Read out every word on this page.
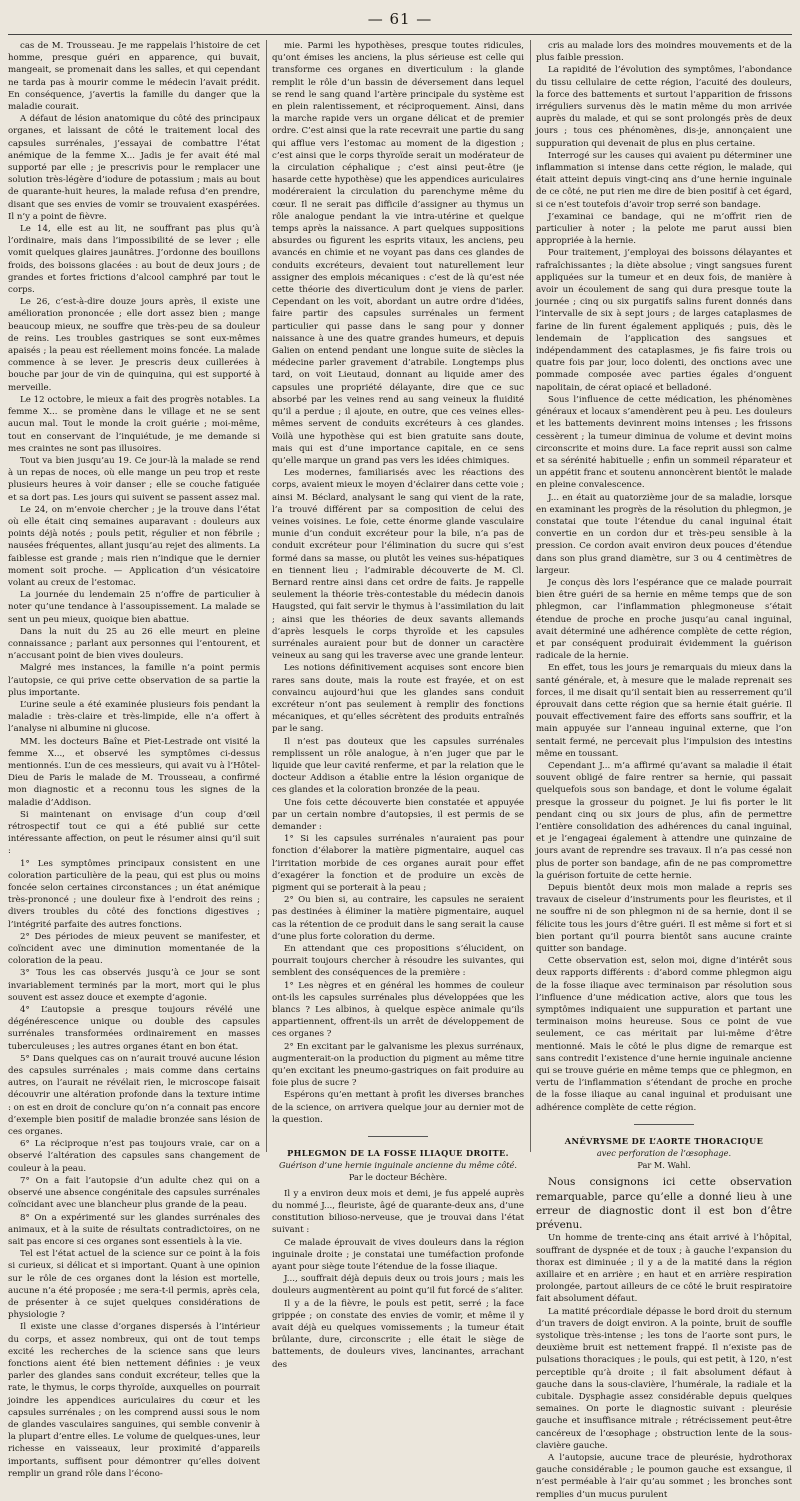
— 61 —

cas de M. Trousseau. Je me rappelais l’histoire de cet homme, presque guéri en apparence, qui buvait, mangeait, se promenait dans les salles, et qui cependant ne tarda pas à mourir comme le médecin l’avait prédit. En conséquence, j’avertis la famille du danger que la maladie courait.

A défaut de lésion anatomique du côté des principaux organes, et laissant de côté le traitement local des capsules surrénales, j’essayai de combattre l’état anémique de la femme X... Jadis je fer avait été mal supporté par elle ; je prescrivis pour le remplacer une solution très-légère d’iodure de potassium ; mais au bout de quarante-huit heures, la malade refusa d’en prendre, disant que ses envies de vomir se trouvaient exaspérées. Il n’y a point de fièvre.

Le 14, elle est au lit, ne souffrant pas plus qu’à l’ordinaire, mais dans l’impossibilité de se lever ; elle vomit quelques glaires jaunâtres. J’ordonne des bouillons froids, des boissons glacées : au bout de deux jours ; de grandes et fortes frictions d’alcool camphré par tout le corps.

Le 26, c’est-à-dire douze jours après, il existe une amélioration prononcée ; elle dort assez bien ; mange beaucoup mieux, ne souffre que très-peu de sa douleur de reins. Les troubles gastriques se sont eux-mêmes apaisés ; la peau est réellement moins foncée. La malade commence à se lever. Je prescris deux cuillerées à bouche par jour de vin de quinquina, qui est supporté à merveille.

Le 12 octobre, le mieux a fait des progrès notables. La femme X... se promène dans le village et ne se sent aucun mal. Tout le monde la croit guérie ; moi-même, tout en conservant de l’inquiétude, je me demande si mes craintes ne sont pas illusoires.

Tout va bien jusqu’au 19. Ce jour-là la malade se rend à un repas de noces, où elle mange un peu trop et reste plusieurs heures à voir danser ; elle se couche fatiguée et sa dort pas. Les jours qui suivent se passent assez mal.

Le 24, on m’envoie chercher ; je la trouve dans l’état où elle était cinq semaines auparavant : douleurs aux points déjà notés ; pouls petit, régulier et non fébrile ; nausées fréquentes, allant jusqu’au rejet des aliments. La faiblesse est grande ; mais rien n’indique que le dernier moment soit proche. — Application d’un vésicatoire volant au creux de l’estomac.

La journée du lendemain 25 n’offre de particulier à noter qu’une tendance à l’assoupissement. La malade se sent un peu mieux, quoique bien abattue.

Dans la nuit du 25 au 26 elle meurt en pleine connaissance ; parlant aux personnes qui l’entourent, et n’accusant point de bien vives douleurs.

Malgré mes instances, la famille n’a point permis l’autopsie, ce qui prive cette observation de sa partie la plus importante.

L’urine seule a été examinée plusieurs fois pendant la maladie : très-claire et très-limpide, elle n’a offert à l’analyse ni albumine ni glucose.

MM. les docteurs Baîne et Piet-Lestrade ont visité la femme X..., et observé les symptômes ci-dessus mentionnés. L’un de ces messieurs, qui avait vu à l’Hôtel-Dieu de Paris le malade de M. Trousseau, a confirmé mon diagnostic et a reconnu tous les signes de la maladie d’Addison.

Si maintenant on envisage d’un coup d’œil rétrospectif tout ce qui a été publié sur cette intéressante affection, on peut le résumer ainsi qu’il suit :

1° Les symptômes principaux consistent en une coloration particulière de la peau, qui est plus ou moins foncée selon certaines circonstances ; un état anémique très-prononcé ; une douleur fixe à l’endroit des reins ; divers troubles du côté des fonctions digestives ; l’intégrité parfaite des autres fonctions.

2° Des périodes de mieux peuvent se manifester, et coïncident avec une diminution momentanée de la coloration de la peau.

3° Tous les cas observés jusqu’à ce jour se sont invariablement terminés par la mort, mort qui le plus souvent est assez douce et exempte d’agonie.

4° L’autopsie a presque toujours révélé une dégénérescence unique ou double des capsules surrénales transformées ordinairement en masses tuberculeuses ; les autres organes étant en bon état.

5° Dans quelques cas on n’aurait trouvé aucune lésion des capsules surrénales ; mais comme dans certains autres, on l’aurait ne révélait rien, le microscope faisait découvrir une altération profonde dans la texture intime : on est en droit de conclure qu’on n’a connait pas encore d’exemple bien positif de maladie bronzée sans lésion de ces organes.

6° La réciproque n’est pas toujours vraie, car on a observé l’altération des capsules sans changement de couleur à la peau.

7° On a fait l’autopsie d’un adulte chez qui on a observé une absence congénitale des capsules surrénales coïncidant avec une blancheur plus grande de la peau.

8° On a expérimenté sur les glandes surrénales des animaux, et à la suite de résultats contradictoires, on ne sait pas encore si ces organes sont essentiels à la vie.

Tel est l’état actuel de la science sur ce point à la fois si curieux, si délicat et si important. Quant à une opinion sur le rôle de ces organes dont la lésion est mortelle, aucune n’a été proposée ; me sera-t-il permis, après cela, de présenter à ce sujet quelques considérations de physiologie ?

Il existe une classe d’organes dispersés à l’intérieur du corps, et assez nombreux, qui ont de tout temps excité les recherches de la science sans que leurs fonctions aient été bien nettement définies : je veux parler des glandes sans conduit excréteur, telles que la rate, le thymus, le corps thyroïde, auxquelles on pourrait joindre les appendices auriculaires du cœur et les capsules surrénales ; on les comprend aussi sous le nom de glandes vasculaires sanguines, qui semble convenir à la plupart d’entre elles. Le volume de quelques-unes, leur richesse en vaisseaux, leur proximité d’appareils importants, suffisent pour démontrer qu’elles doivent remplir un grand rôle dans l’écono-

mie. Parmi les hypothèses, presque toutes ridicules, qu’ont émises les anciens, la plus sérieuse est celle qui transforme ces organes en diverticulum : la glande remplit le rôle d’un bassin de déversement dans lequel se rend le sang quand l’artère principale du système est en plein ralentissement, et réciproquement. Ainsi, dans la marche rapide vers un organe délicat et de premier ordre. C’est ainsi que la rate recevrait une partie du sang qui afflue vers l’estomac au moment de la digestion ; c’est ainsi que le corps thyroïde serait un modérateur de la circulation céphalique ; c’est ainsi peut-être (je hasarde cette hypothèse) que les appendices auriculaires modéreraient la circulation du parenchyme même du cœur. Il ne serait pas difficile d’assigner au thymus un rôle analogue pendant la vie intra-utérine et quelque temps après la naissance. A part quelques suppositions absurdes ou figurent les esprits vitaux, les anciens, peu avancés en chimie et ne voyant pas dans ces glandes de conduits excréteurs, devaient tout naturellement leur assigner des emplois mécaniques : c’est de là qu’est née cette théorie des diverticulum dont je viens de parler. Cependant on les voit, abordant un autre ordre d’idées, faire partir des capsules surrénales un ferment particulier qui passe dans le sang pour y donner naissance à une des quatre grandes humeurs, et depuis Galien on entend pendant une longue suite de siècles la médecine parler gravement d’atrabile. Longtemps plus tard, on voit Lieutaud, donnant au liquide amer des capsules une propriété délayante, dire que ce suc absorbé par les veines rend au sang veineux la fluidité qu’il a perdue ; il ajoute, en outre, que ces veines elles-mêmes servent de conduits excréteurs à ces glandes. Voilà une hypothèse qui est bien gratuite sans doute, mais qui est d’une importance capitale, en ce sens qu’elle marque un grand pas vers les idées chimiques.

Les modernes, familiarisés avec les réactions des corps, avaient mieux le moyen d’éclairer dans cette voie ; ainsi M. Béclard, analysant le sang qui vient de la rate, l’a trouvé différent par sa composition de celui des veines voisines. Le foie, cette énorme glande vasculaire munie d’un conduit excréteur pour la bile, n’a pas de conduit excréteur pour l’élimination du sucre qui s’est formé dans sa masse, ou plutôt les veines sus-hépatiques en tiennent lieu ; l’admirable découverte de M. Cl. Bernard rentre ainsi dans cet ordre de faits. Je rappelle seulement la théorie très-contestable du médecin danois Haugsted, qui fait servir le thymus à l’assimilation du lait ; ainsi que les théories de deux savants allemands d’après lesquels le corps thyroïde et les capsules surrénales auraient pour but de donner un caractère veineux au sang qui les traverse avec une grande lenteur.

Les notions définitivement acquises sont encore bien rares sans doute, mais la route est frayée, et on est convaincu aujourd’hui que les glandes sans conduit excréteur n’ont pas seulement à remplir des fonctions mécaniques, et qu’elles sécrètent des produits entraînés par le sang.

Il n’est pas douteux que les capsules surrénales remplissent un rôle analogue, à n’en juger que par le liquide que leur cavité renferme, et par la relation que le docteur Addison a établie entre la lésion organique de ces glandes et la coloration bronzée de la peau.

Une fois cette découverte bien constatée et appuyée par un certain nombre d’autopsies, il est permis de se demander :

1° Si les capsules surrénales n’auraient pas pour fonction d’élaborer la matière pigmentaire, auquel cas l’irritation morbide de ces organes aurait pour effet d’exagérer la fonction et de produire un excès de pigment qui se porterait à la peau ;

2° Ou bien si, au contraire, les capsules ne seraient pas destinées à éliminer la matière pigmentaire, auquel cas la rétention de ce produit dans le sang serait la cause d’une plus forte coloration du derme.

En attendant que ces propositions s’élucident, on pourrait toujours chercher à résoudre les suivantes, qui semblent des conséquences de la première :

1° Les nègres et en général les hommes de couleur ont-ils les capsules surrénales plus développées que les blancs ? Les albinos, à quelque espèce animale qu’ils appartiennent, offrent-ils un arrêt de développement de ces organes ?

2° En excitant par le galvanisme les plexus surrénaux, augmenterait-on la production du pigment au même titre qu’en excitant les pneumo-gastriques on fait produire au foie plus de sucre ?

Espérons qu’en mettant à profit les diverses branches de la science, on arrivera quelque jour au dernier mot de la question.

PHLEGMON DE LA FOSSE ILIAQUE DROITE.

Guérison d’une hernie inguinale ancienne du même côté.

Par le docteur Béchère.

Il y a environ deux mois et demi, je fus appelé auprès du nommé J..., fleuriste, âgé de quarante-deux ans, d’une constitution bilioso-nerveuse, que je trouvai dans l’état suivant :

Ce malade éprouvait de vives douleurs dans la région inguinale droite ; je constatai une tuméfaction profonde ayant pour siège toute l’étendue de la fosse iliaque.

J..., souffrait déjà depuis deux ou trois jours ; mais les douleurs augmentèrent au point qu’il fut forcé de s’aliter.

Il y a de la fièvre, le pouls est petit, serré ; la face grippée ; on constate des envies de vomir, et même il y avait déjà eu quelques vomissements ; la tumeur était brûlante, dure, circonscrite ; elle était le siège de battements, de douleurs vives, lancinantes, arrachant des

cris au malade lors des moindres mouvements et de la plus faible pression.

La rapidité de l’évolution des symptômes, l’abondance du tissu cellulaire de cette région, l’acuité des douleurs, la force des battements et surtout l’apparition de frissons irréguliers survenus dès le matin même du mon arrivée auprès du malade, et qui se sont prolongés près de deux jours ; tous ces phénomènes, dis-je, annonçaient une suppuration qui devenait de plus en plus certaine.

Interrogé sur les causes qui avaient pu déterminer une inflammation si intense dans cette région, le malade, qui était atteint depuis vingt-cinq ans d’une hernie inguinale de ce côté, ne put rien me dire de bien positif à cet égard, si ce n’est toutefois d’avoir trop serré son bandage.

J’examinai ce bandage, qui ne m’offrit rien de particulier à noter ; la pelote me parut aussi bien appropriée à la hernie.

Pour traitement, j’employai des boissons délayantes et rafraîchissantes ; la diète absolue ; vingt sangsues furent appliquées sur la tumeur et en deux fois, de manière à avoir un écoulement de sang qui dura presque toute la journée ; cinq ou six purgatifs salins furent donnés dans l’intervalle de six à sept jours ; de larges cataplasmes de farine de lin furent également appliqués ; puis, dès le lendemain de l’application des sangsues et indépendamment des cataplasmes, je fis faire trois ou quatre fois par jour, loco dolenti, des onctions avec une pommade composée avec parties égales d’onguent napolitain, de cérat opiacé et belladoné.

Sous l’influence de cette médication, les phénomènes généraux et locaux s’amendèrent peu à peu. Les douleurs et les battements devinrent moins intenses ; les frissons cessèrent ; la tumeur diminua de volume et devint moins circonscrite et moins dure. La face reprit aussi son calme et sa sérénité habituelle ; enfin un sommeil réparateur et un appétit franc et soutenu annoncèrent bientôt le malade en pleine convalescence.

J... en était au quatorzième jour de sa maladie, lorsque en examinant les progrès de la résolution du phlegmon, je constatai que toute l’étendue du canal inguinal était convertie en un cordon dur et très-peu sensible à la pression. Ce cordon avait environ deux pouces d’étendue dans son plus grand diamètre, sur 3 ou 4 centimètres de largeur.

Je conçus dès lors l’espérance que ce malade pourrait bien être guéri de sa hernie en même temps que de son phlegmon, car l’inflammation phlegmoneuse s’était étendue de proche en proche jusqu’au canal inguinal, avait déterminé une adhérence complète de cette région, et par conséquent produirait évidemment la guérison radicale de la hernie.

En effet, tous les jours je remarquais du mieux dans la santé générale, et, à mesure que le malade reprenait ses forces, il me disait qu’il sentait bien au resserrement qu’il éprouvait dans cette région que sa hernie était guérie. Il pouvait effectivement faire des efforts sans souffrir, et la main appuyée sur l’anneau inguinal externe, que l’on sentait fermé, ne percevait plus l’impulsion des intestins même en toussant.

Cependant J... m’a affirmé qu’avant sa maladie il était souvent obligé de faire rentrer sa hernie, qui passait quelquefois sous son bandage, et dont le volume égalait presque la grosseur du poignet. Je lui fis porter le lit pendant cinq ou six jours de plus, afin de permettre l’entière consolidation des adhérences du canal inguinal, et je l’engageai également à attendre une quinzaine de jours avant de reprendre ses travaux. Il n’a pas cessé non plus de porter son bandage, afin de ne pas compromettre la guérison fortuite de cette hernie.

Depuis bientôt deux mois mon malade a repris ses travaux de ciseleur d’instruments pour les fleuristes, et il ne souffre ni de son phlegmon ni de sa hernie, dont il se félicite tous les jours d’être guéri. Il est même si fort et si bien portant qu’il pourra bientôt sans aucune crainte quitter son bandage.

Cette observation est, selon moi, digne d’intérêt sous deux rapports différents : d’abord comme phlegmon aigu de la fosse iliaque avec terminaison par résolution sous l’influence d’une médication active, alors que tous les symptômes indiquaient une suppuration et partant une terminaison moins heureuse. Sous ce point de vue seulement, ce cas méritait par lui-même d’être mentionné. Mais le côté le plus digne de remarque est sans contredit l’existence d’une hernie inguinale ancienne qui se trouve guérie en même temps que ce phlegmon, en vertu de l’inflammation s’étendant de proche en proche de la fosse iliaque au canal inguinal et produisant une adhérence complète de cette région.

ANÉVRYSME DE L’AORTE THORACIQUE

avec perforation de l’œsophage.

Par M. Wahl.

Nous consignons ici cette observation remarquable, parce qu’elle a donné lieu à une erreur de diagnostic dont il est bon d’être prévenu.

Un homme de trente-cinq ans était arrivé à l’hôpital, souffrant de dyspnée et de toux ; à gauche l’expansion du thorax est diminuée ; il y a de la matité dans la région axillaire et en arrière ; en haut et en arrière respiration prolongée, partout ailleurs de ce côté le bruit respiratoire fait absolument défaut.

La matité précordiale dépasse le bord droit du sternum d’un travers de doigt environ. A la pointe, bruit de souffle systolique très-intense ; les tons de l’aorte sont purs, le deuxième bruit est nettement frappé. Il n’existe pas de pulsations thoraciques ; le pouls, qui est petit, à 120, n’est perceptible qu’à droite ; il fait absolument défaut à gauche dans la sous-clavière, l’humérale, la radiale et la cubitale. Dysphagie assez considérable depuis quelques semaines. On porte le diagnostic suivant : pleurésie gauche et insuffisance mitrale ; rétrécissement peut-être cancéreux de l’œsophage ; obstruction lente de la sous-clavière gauche.

A l’autopsie, aucune trace de pleurésie, hydrothorax gauche considérable ; le poumon gauche est exsangue, il n’est perméable à l’air qu’au sommet ; les bronches sont remplies d’un mucus purulent
